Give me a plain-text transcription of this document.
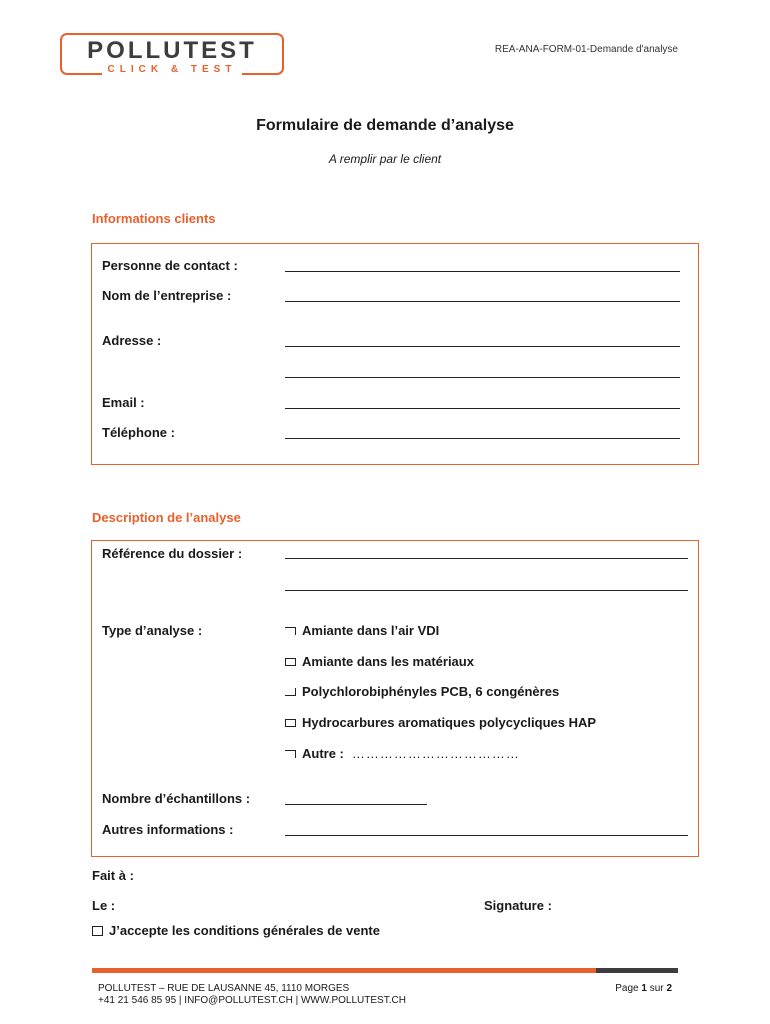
POLLUTEST
CLICK & TEST
REA-ANA-FORM-01-Demande d'analyse
Formulaire de demande d’analyse
A remplir par le client
Informations clients
Personne de contact :
Nom de l’entreprise :
Adresse :
Email :
Téléphone :
Description de l’analyse
Référence du dossier :
Type d’analyse :	Amiante dans l’air VDI
Amiante dans les matériaux
Polychlorobiphényles PCB, 6 congénères
Hydrocarbures aromatiques polycycliques HAP
Autre : ………………………………
Nombre d’échantillons :
Autres informations :
Fait à :
Le :	Signature :
J’accepte les conditions générales de vente
POLLUTEST – RUE DE LAUSANNE 45, 1110 MORGES
+41 21 546 85 95 | INFO@POLLUTEST.CH | WWW.POLLUTEST.CH
Page 1 sur 2
